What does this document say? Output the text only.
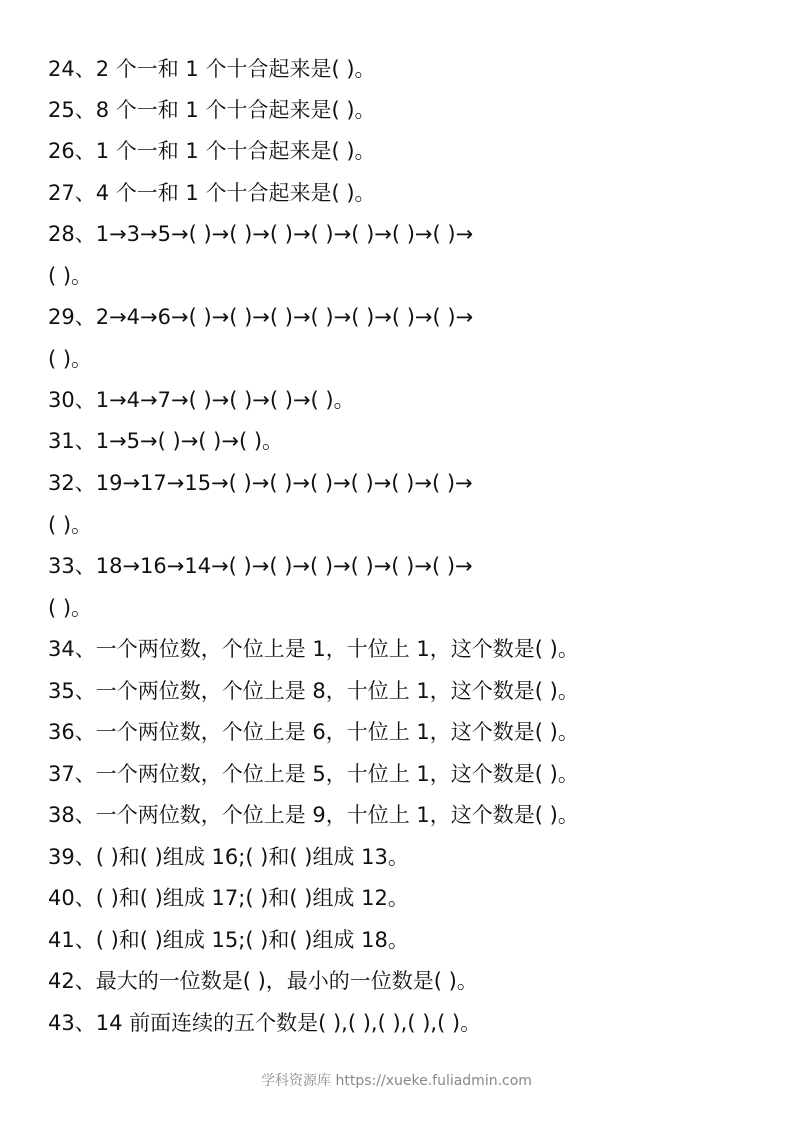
24、2 个一和 1 个十合起来是( )。
25、8 个一和 1 个十合起来是( )。
26、1 个一和 1 个十合起来是( )。
27、4 个一和 1 个十合起来是( )。
28、1→3→5→( )→( )→( )→( )→( )→( )→( )→
( )。
29、2→4→6→( )→( )→( )→( )→( )→( )→( )→
( )。
30、1→4→7→( )→( )→( )→( )。
31、1→5→( )→( )→( )。
32、19→17→15→( )→( )→( )→( )→( )→( )→
( )。
33、18→16→14→( )→( )→( )→( )→( )→( )→
( )。
34、一个两位数，个位上是 1，十位上 1，这个数是( )。
35、一个两位数，个位上是 8，十位上 1，这个数是( )。
36、一个两位数，个位上是 6，十位上 1，这个数是( )。
37、一个两位数，个位上是 5，十位上 1，这个数是( )。
38、一个两位数，个位上是 9，十位上 1，这个数是( )。
39、( )和( )组成 16;( )和( )组成 13。
40、( )和( )组成 17;( )和( )组成 12。
41、( )和( )组成 15;( )和( )组成 18。
42、最大的一位数是( )，最小的一位数是( )。
43、14 前面连续的五个数是( ),( ),( ),( ),( )。
学科资源库 https://xueke.fuliadmin.com
